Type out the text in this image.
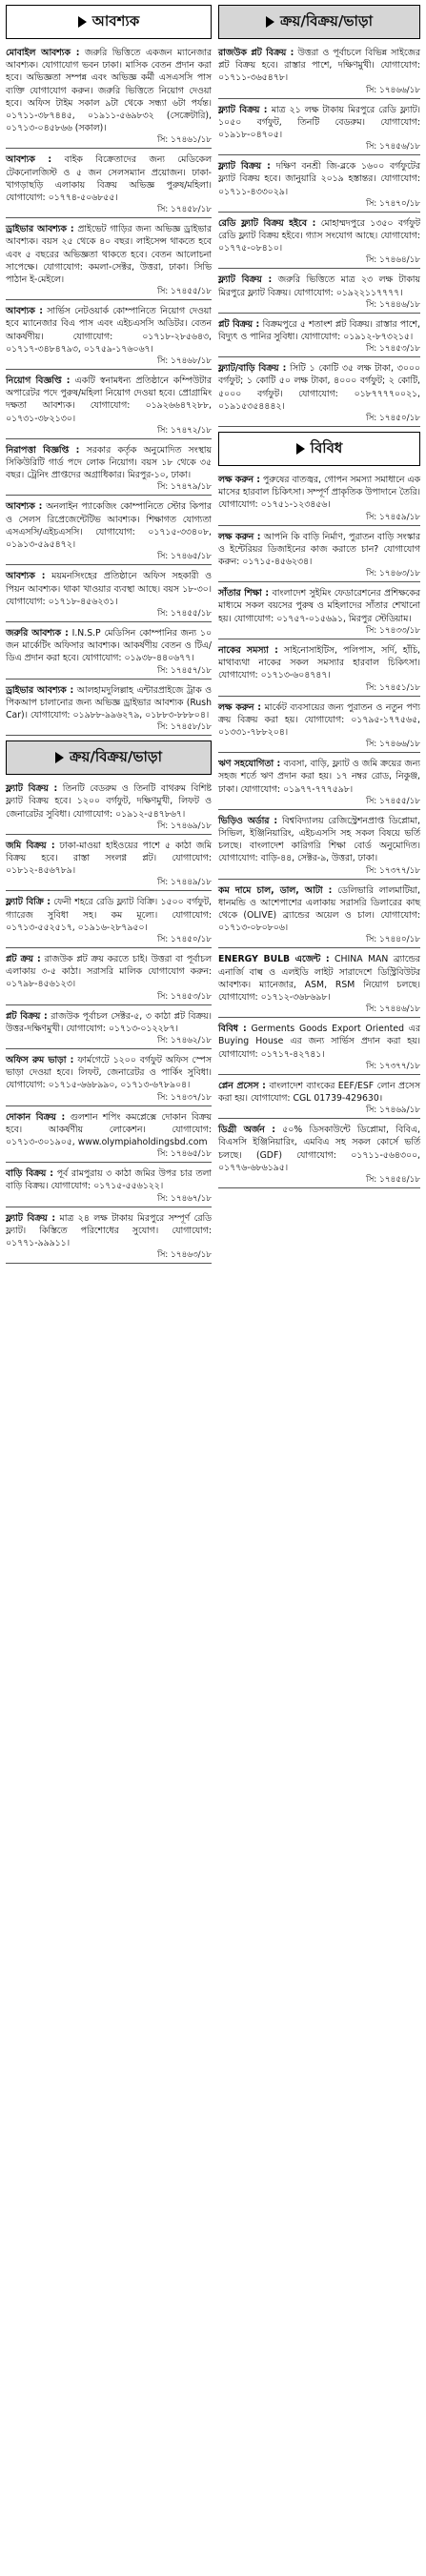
আবশ্যক

মোবাইল আবশ্যক : জরুরি ভিত্তিতে একজন ম্যানেজার আবশ্যক। যোগাযোগ ভবন ঢাকা। মাসিক বেতন প্রদান করা হবে। অভিজ্ঞতা সম্পন্ন এবং অভিজ্ঞ কর্মী এসএসসি পাস ব্যক্তি যোগাযোগ করুন। জরুরি ভিত্তিতে নিয়োগ দেওয়া হবে। অফিস টাইম সকাল ৯টা থেকে সন্ধ্যা ৬টা পর্যন্ত। ০১৭১১-৩৮৭৪৪৫, ০১৯১১-৫৬৯৮৩২ (সেক্রেটারি), ০১৭১৩-০৪৫৮৬৬ (সকাল)।

সি: ১৭৪৬১/১৮

আবশ্যক : বাইক বিক্রেতাদের জন্য মেডিকেল টেকনোলজিস্ট ও ৫ জন সেলসম্যান প্রয়োজন। ঢাকা-খাগড়াছড়ি এলাকায় বিক্রয় অভিজ্ঞ পুরুষ/মহিলা। যোগাযোগ: ০১৭৭৪-৫০৬৮৫৫।

সি: ১৭৪৫৮/১৮

ড্রাইভার আবশ্যক : প্রাইভেট গাড়ির জন্য অভিজ্ঞ ড্রাইভার আবশ্যক। বয়স ২৫ থেকে ৪০ বছর। লাইসেন্স থাকতে হবে এবং ৫ বছরের অভিজ্ঞতা থাকতে হবে। বেতন আলোচনা সাপেক্ষে। যোগাযোগ: কমলা-সেক্টর, উত্তরা, ঢাকা। সিভি পাঠান ই-মেইলে।

সি: ১৭৪৫৫/১৮

আবশ্যক : সার্ভিস নেটওয়ার্ক কোম্পানিতে নিয়োগ দেওয়া হবে ম্যানেজার বিএ পাস এবং এইচএসসি অডিটর। বেতন আকর্ষণীয়। যোগাযোগ: ০১৭১৮-২৮৫৬৪৩, ০১৭১৭-৩৪৮৪৭৯৩, ০১৭৫৯-১৭৬০৬৭।

সি: ১৭৪৬৮/১৮

নিয়োগ বিজ্ঞপ্তি : একটি স্বনামধন্য প্রতিষ্ঠানে কম্পিউটার অপারেটর পদে পুরুষ/মহিলা নিয়োগ দেওয়া হবে। প্রোগ্রামিং দক্ষতা আবশ্যক। যোগাযোগ: ০১৯২৬৬৪৭২৮৮, ০১৭৩১-৩৮২১৩০।

সি: ১৭৪৭২/১৮

নিরাপত্তা বিজ্ঞপ্তি : সরকার কর্তৃক অনুমোদিত সংস্থায় সিকিউরিটি গার্ড পদে লোক নিয়োগ। বয়স ১৮ থেকে ৩৫ বছর। ট্রেনিং প্রাপ্তদের অগ্রাধিকার। মিরপুর-১০, ঢাকা।

সি: ১৭৪৭৯/১৮

আবশ্যক : অনলাইন প্যাকেজিং কোম্পানিতে স্টোর কিপার ও সেলস রিপ্রেজেন্টেটিভ আবশ্যক। শিক্ষাগত যোগ্যতা এসএসসি/এইচএসসি। যোগাযোগ: ০১৭১৫-৩৩৪০৮, ০১৯১৩-৫৯৫৪৭২।

সি: ১৭৪৬৫/১৮

আবশ্যক : ময়মনসিংহের প্রতিষ্ঠানে অফিস সহকারী ও পিয়ন আবশ্যক। থাকা খাওয়ার ব্যবস্থা আছে। বয়স ১৮-৩০। যোগাযোগ: ০১৭১৮-৪৫৬২৩১।

সি: ১৭৪৫৫/১৮

জরুরি আবশ্যক : I.N.S.P মেডিসিন কোম্পানির জন্য ১০ জন মার্কেটিং অফিসার আবশ্যক। আকর্ষণীয় বেতন ও টিএ/ডিএ প্রদান করা হবে। যোগাযোগ: ০১৯৩৮-৪৪০৬৭৭।

সি: ১৭৪৫৭/১৮

ড্রাইভার আবশ্যক : আলহামদুলিল্লাহ এন্টারপ্রাইজে ট্রাক ও পিকআপ চালানোর জন্য অভিজ্ঞ ড্রাইভার আবশ্যক (Rush Car)। যোগাযোগ: ০১৯৮৮-৯৯৬২৭৯, ০১৮৮৩-৮৮৮০৪।

সি: ১৭৪৫৮/১৮
ক্রয়/বিক্রয়/ভাড়া

ফ্ল্যাট বিক্রয় : তিনটি বেডরুম ও তিনটি বাথরুম বিশিষ্ট ফ্ল্যাট বিক্রয় হবে। ১২০০ বর্গফুট, দক্ষিণমুখী, লিফট ও জেনারেটর সুবিধা। যোগাযোগ: ০১৯১২-৫৪৭৮৬৭।

সি: ১৭৪৬৯/১৮

জমি বিক্রয় : ঢাকা-মাওয়া হাইওয়ের পাশে ৫ কাঠা জমি বিক্রয় হবে। রাস্তা সংলগ্ন প্লট। যোগাযোগ: ০১৮১২-৪৫৬৭৮৯।

সি: ১৭৪৪৯/১৮

ফ্ল্যাট বিক্রি : ফেনী শহরে রেডি ফ্ল্যাট বিক্রি। ১৫০০ বর্গফুট, গ্যারেজ সুবিধা সহ। কম মূল্যে। যোগাযোগ: ০১৭১৩-৫৫২৫১৭, ০১৯১৬-২৮৭৯৫০।

সি: ১৭৪৫০/১৮

প্লট ক্রয় : রাজউক প্লট ক্রয় করতে চাই। উত্তরা বা পূর্বাচল এলাকায় ৩-৫ কাঠা। সরাসরি মালিক যোগাযোগ করুন: ০১৭৯৮-৪৫৬১২৩।

সি: ১৭৪৫৩/১৮

প্লট বিক্রয় : রাজউক পূর্বাচল সেক্টর-৫, ৩ কাঠা প্লট বিক্রয়। উত্তর-দক্ষিণমুখী। যোগাযোগ: ০১৭১৩-০১২২৮৭।

সি: ১৭৪৬২/১৮

অফিস রুম ভাড়া : ফার্মগেটে ১২০০ বর্গফুট অফিস স্পেস ভাড়া দেওয়া হবে। লিফট, জেনারেটর ও পার্কিং সুবিধা। যোগাযোগ: ০১৭১৫-৬৬৮৯৯০, ০১৭১৩-৬৭৮৯০৪।

সি: ১৭৪৩৭/১৮

দোকান বিক্রয় : গুলশান শপিং কমপ্লেক্সে দোকান বিক্রয় হবে। আকর্ষণীয় লোকেশন। যোগাযোগ: ০১৭১৩-৩০১৯০৫, www.olympiaholdingsbd.com

সি: ১৭৪৬৫/১৮

বাড়ি বিক্রয় : পূর্ব রামপুরায় ৩ কাঠা জমির উপর চার তলা বাড়ি বিক্রয়। যোগাযোগ: ০১৭১৫-৫৫৬১২২।

সি: ১৭৪৬৭/১৮

ফ্ল্যাট বিক্রয় : মাত্র ২৪ লক্ষ টাকায় মিরপুরে সম্পূর্ণ রেডি ফ্ল্যাট। কিস্তিতে পরিশোধের সুযোগ। যোগাযোগ: ০১৭৭১-৯৯৯১১।

সি: ১৭৪৬৩/১৮
ক্রয়/বিক্রয়/ভাড়া

রাজউক প্লট বিক্রয় : উত্তরা ও পূর্বাচলে বিভিন্ন সাইজের প্লট বিক্রয় হবে। রাস্তার পাশে, দক্ষিণমুখী। যোগাযোগ: ০১৭১১-৩৬৫৪৭৮।

সি: ১৭৪৬৬/১৮

ফ্ল্যাট বিক্রয় : মাত্র ২১ লক্ষ টাকায় মিরপুরে রেডি ফ্ল্যাট। ১০৫০ বর্গফুট, তিনটি বেডরুম। যোগাযোগ: ০১৯১৮-০৪৭০৫।

সি: ১৭৪৫৬/১৮

ফ্ল্যাট বিক্রয় : দক্ষিণ বনশ্রী জি-ব্লকে ১৬০০ বর্গফুটের ফ্ল্যাট বিক্রয় হবে। জানুয়ারি ২০১৯ হস্তান্তর। যোগাযোগ: ০১৭১১-৪৩৩০২৯।

সি: ১৭৪৭০/১৮

রেডি ফ্ল্যাট বিক্রয় হইবে : মোহাম্মদপুরে ১৩৫০ বর্গফুট রেডি ফ্ল্যাট বিক্রয় হইবে। গ্যাস সংযোগ আছে। যোগাযোগ: ০১৭৭৫-০৮৪১০।

সি: ১৭৪৬৪/১৮

ফ্ল্যাট বিক্রয় : জরুরি ভিত্তিতে মাত্র ২৩ লক্ষ টাকায় মিরপুরে ফ্ল্যাট বিক্রয়। যোগাযোগ: ০১৯২২১১৭৭৭৭।

সি: ১৭৪৪৬/১৮

প্লট বিক্রয় : বিক্রমপুরে ৫ শতাংশ প্লট বিক্রয়। রাস্তার পাশে, বিদ্যুৎ ও পানির সুবিধা। যোগাযোগ: ০১৯১২-৮৭৩২১৫।

সি: ১৭৪৫৩/১৮

ফ্ল্যাট/বাড়ি বিক্রয় : সিটি ১ কোটি ৩৫ লক্ষ টাকা, ৩০০০ বর্গফুট; ১ কোটি ৫০ লক্ষ টাকা, ৪০০০ বর্গফুট; ২ কোটি, ৫০০০ বর্গফুট। যোগাযোগ: ০১৮৭৭৭৭০০২১, ০১৯১৫৩৫৪৪৪২।

সি: ১৭৪৫০/১৮
বিবিধ

লক্ষ করুন : পুরুষের বাতজ্বর, গোপন সমস্যা সমাধানে এক মাসের হারবাল চিকিৎসা। সম্পূর্ণ প্রাকৃতিক উপাদানে তৈরি। যোগাযোগ: ০১৭৫১-১২৩৪৫৬।

সি: ১৭৪৫৯/১৮

লক্ষ করুন : আপনি কি বাড়ি নির্মাণ, পুরাতন বাড়ি সংস্কার ও ইন্টেরিয়র ডিজাইনের কাজ করাতে চান? যোগাযোগ করুন: ০১৭১৫-৪৫৬২৩৪।

সি: ১৭৪৬৩/১৮

সাঁতার শিক্ষা : বাংলাদেশ সুইমিং ফেডারেশনের প্রশিক্ষকের মাধ্যমে সকল বয়সের পুরুষ ও মহিলাদের সাঁতার শেখানো হয়। যোগাযোগ: ০১৭৫৭-০১৫৬৯১, মিরপুর স্টেডিয়াম।

সি: ১৭৪৩৩/১৮

নাকের সমস্যা : সাইনোসাইটিস, পলিপাস, সর্দি, হাঁচি, মাথাব্যথা নাকের সকল সমস্যার হারবাল চিকিৎসা। যোগাযোগ: ০১৭১৩-৬০৪৭৪৭।

সি: ১৭৪৫১/১৮

লক্ষ করুন : মার্কেট ব্যবসায়ের জন্য পুরাতন ও নতুন পণ্য ক্রয় বিক্রয় করা হয়। যোগাযোগ: ০১৭৯৫-১৭৭৫৬৫, ০১৩৩১-৭৮৮২০৪।

সি: ১৭৪৬৬/১৮

ঋণ সহযোগিতা : ব্যবসা, বাড়ি, ফ্ল্যাট ও জমি ক্রয়ের জন্য সহজ শর্তে ঋণ প্রদান করা হয়। ১৭ নম্বর রোড, নিকুঞ্জ, ঢাকা। যোগাযোগ: ০১৯৭৭-৭৭৭৫৯৮।

সি: ১৭৪৫৫/১৮

ভিড়িও অর্ডার : বিশ্ববিদ্যালয় রেজিস্ট্রেশনপ্রাপ্ত ডিপ্লোমা, সিভিল, ইঞ্জিনিয়ারিং, এইচএসসি সহ সকল বিষয়ে ভর্তি চলছে। বাংলাদেশ কারিগরি শিক্ষা বোর্ড অনুমোদিত। যোগাযোগ: বাড়ি-৪৪, সেক্টর-৯, উত্তরা, ঢাকা।

সি: ১৭৩৭৭/১৮

কম দামে চাল, ডাল, আটা : ডেলিভারি লালমাটিয়া, ধানমন্ডি ও আশেপাশের এলাকায় সরাসরি ডিলারের কাছ থেকে (OLIVE) ব্র্যান্ডের অয়েল ও চাল। যোগাযোগ: ০১৭১৩-০৮০৮০৬।

সি: ১৭৪৪০/১৮

ENERGY BULB এজেন্ট : CHINA MAN ব্র্যান্ডের এনার্জি বাল্ব ও এলইডি লাইট সারাদেশে ডিস্ট্রিবিউটর আবশ্যক। ম্যানেজার, ASM, RSM নিয়োগ চলছে। যোগাযোগ: ০১৭১২-৩৬৮৬৯৮।

সি: ১৭৪৪৬/১৮

বিবিধ : Germents Goods Export Oriented এর Buying House এর জন্য সার্ভিস প্রদান করা হয়। যোগাযোগ: ০১৭১৭-৪২৭৪১।

সি: ১৭৩৭৭/১৮

প্লেন প্রসেস : বাংলাদেশ ব্যাংকের EEF/ESF লোন প্রসেস করা হয়। যোগাযোগ: CGL 01739-429630।

সি: ১৭৪৬৯/১৮

ডিগ্রী অর্জন : ৫০% ডিসকাউন্টে ডিপ্লোমা, বিবিএ, বিএসসি ইঞ্জিনিয়ারিং, এমবিএ সহ সকল কোর্সে ভর্তি চলছে। (GDF) যোগাযোগ: ০১৭১১-৫৬৪৩০০, ০১৭৭৬-৬৮৬১৯৫।

সি: ১৭৪৫৪/১৮
